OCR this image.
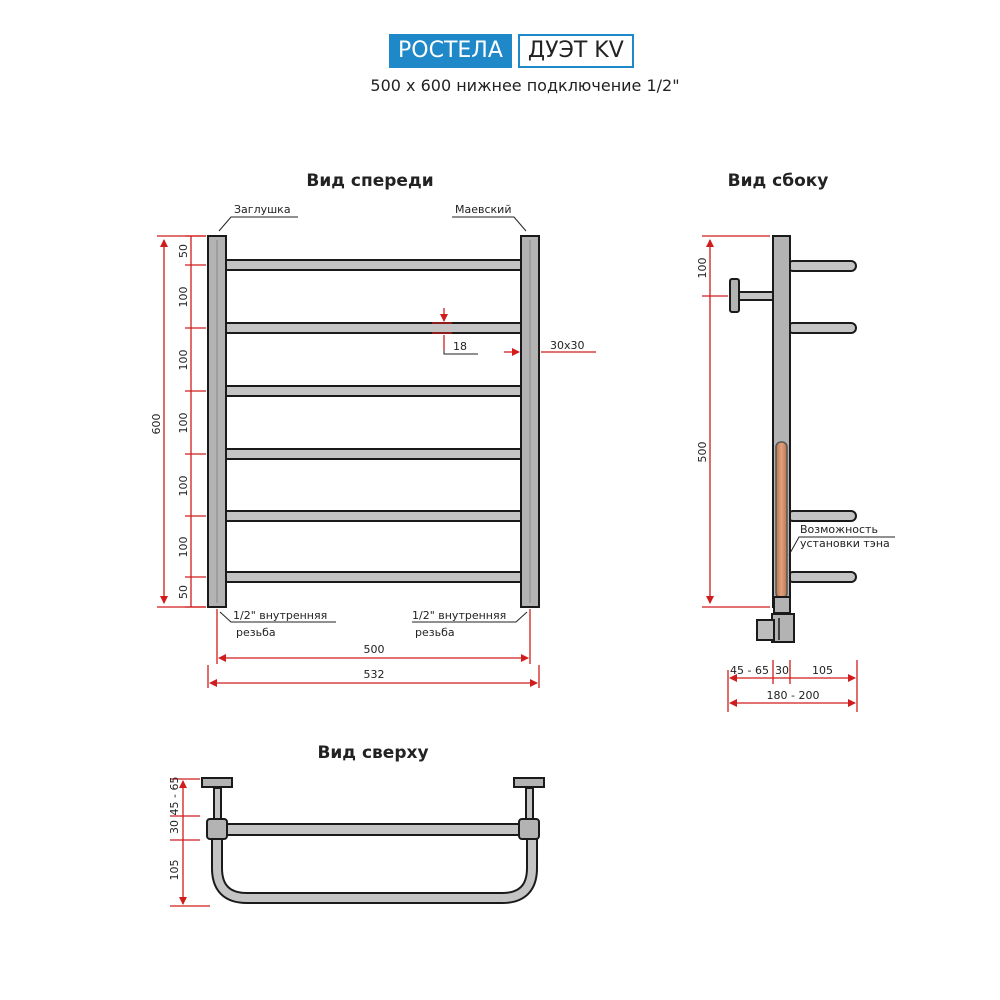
РОСТЕЛА	ДУЭТ KV
500 х 600 нижнее подключение 1/2"
Вид спереди
Заглушка	Маевский
1/2" внутренняя
резьба
1/2" внутренняя
резьба
600
50
100
100
100
100
100
50
18	30х30
500
532
Вид сбоку
Возможность
установки тэна
100
500
45 - 65 30 105
180 - 200
Вид сверху
45 - 65
30
105
